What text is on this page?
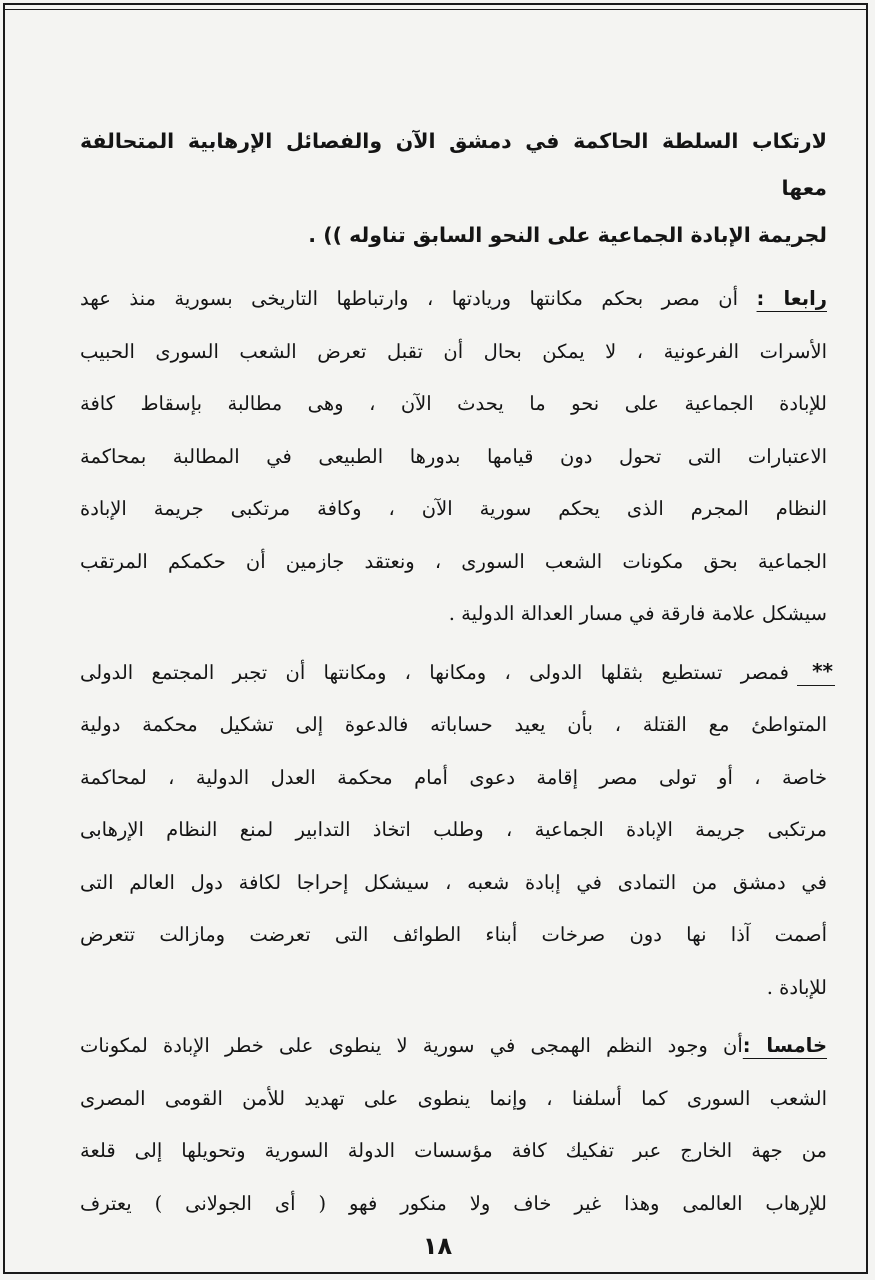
لارتكاب السلطة الحاكمة في دمشق الآن والفصائل الإرهابية المتحالفة معها
لجريمة الإبادة الجماعية على النحو السابق تناوله )) .
رابعا : أن مصر بحكم مكانتها وريادتها ، وارتباطها التاريخى بسورية منذ عهد
الأسرات الفرعونية ، لا يمكن بحال أن تقبل تعرض الشعب السورى الحبيب
للإبادة الجماعية على نحو ما يحدث الآن ، وهى مطالبة بإسقاط كافة
الاعتبارات التى تحول دون قيامها بدورها الطبيعى في المطالبة بمحاكمة
النظام المجرم الذى يحكم سورية الآن ، وكافة مرتكبى جريمة الإبادة
الجماعية بحق مكونات الشعب السورى ، ونعتقد جازمين أن حكمكم المرتقب
سيشكل علامة فارقة في مسار العدالة الدولية .
**
فمصر تستطيع بثقلها الدولى ، ومكانها ، ومكانتها أن تجبر المجتمع الدولى
المتواطئ مع القتلة ، بأن يعيد حساباته فالدعوة إلى تشكيل محكمة دولية
خاصة ، أو تولى مصر إقامة دعوى أمام محكمة العدل الدولية ، لمحاكمة
مرتكبى جريمة الإبادة الجماعية ، وطلب اتخاذ التدابير لمنع النظام الإرهابى
في دمشق من التمادى في إبادة شعبه ، سيشكل إحراجا لكافة دول العالم التى
أصمت آذا نها دون صرخات أبناء الطوائف التى تعرضت ومازالت تتعرض
للإبادة .
خامسا :أن وجود النظم الهمجى في سورية لا ينطوى على خطر الإبادة لمكونات
الشعب السورى كما أسلفنا ، وإنما ينطوى على تهديد للأمن القومى المصرى
من جهة الخارج عبر تفكيك كافة مؤسسات الدولة السورية وتحويلها إلى قلعة
للإرهاب العالمى وهذا غير خاف ولا منكور فهو ( أى الجولانى ) يعترف
١٨
